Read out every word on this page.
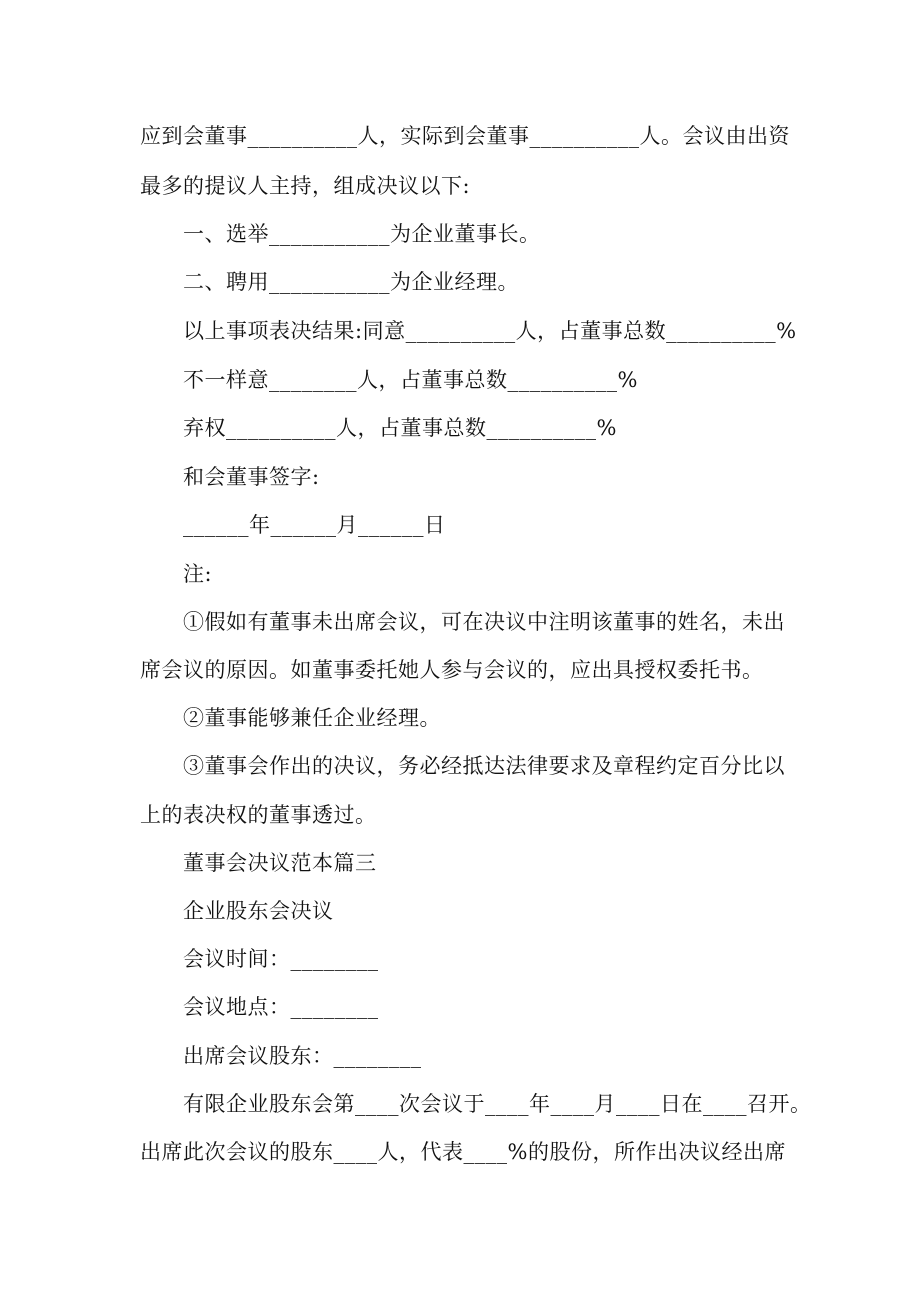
应到会董事__________人，实际到会董事__________人。会议由出资
最多的提议人主持，组成决议以下:
一、选举___________为企业董事长。
二、聘用___________为企业经理。
以上事项表决结果:同意__________人，占董事总数__________%
不一样意________人，占董事总数__________%
弃权__________人，占董事总数__________%
和会董事签字:
______年______月______日
注:
①假如有董事未出席会议，可在决议中注明该董事的姓名，未出
席会议的原因。如董事委托她人参与会议的，应出具授权委托书。
②董事能够兼任企业经理。
③董事会作出的决议，务必经抵达法律要求及章程约定百分比以
上的表决权的董事透过。
董事会决议范本篇三
企业股东会决议
会议时间：________
会议地点：________
出席会议股东：________
有限企业股东会第____次会议于____年____月____日在____召开。
出席此次会议的股东____人，代表____%的股份，所作出决议经出席
